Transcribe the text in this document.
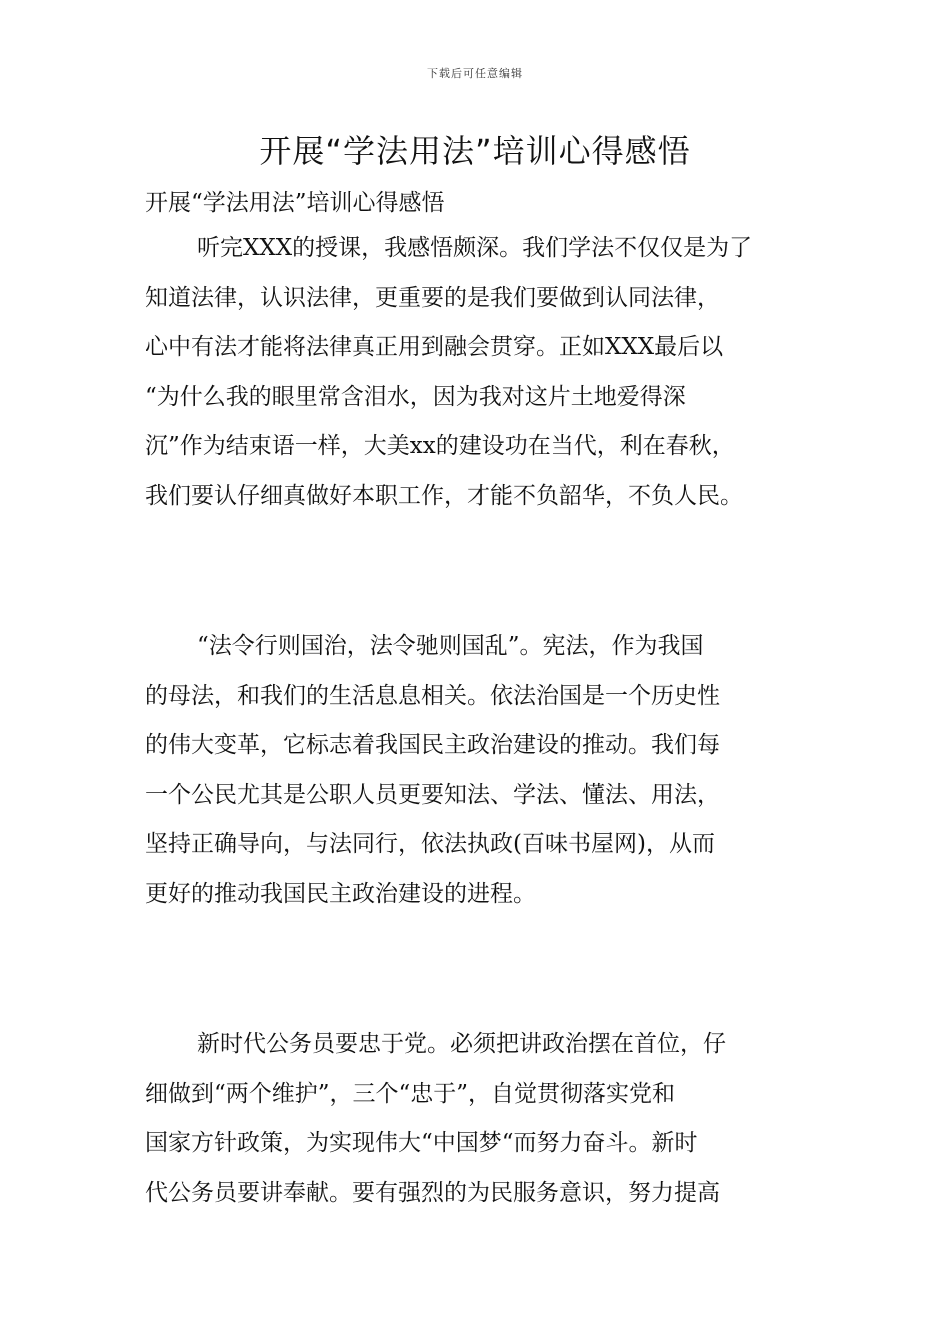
下载后可任意编辑
开展“学法用法”培训心得感悟
开展“学法用法”培训心得感悟
听完XXX的授课，我感悟颇深。我们学法不仅仅是为了
知道法律，认识法律，更重要的是我们要做到认同法律，
心中有法才能将法律真正用到融会贯穿。正如XXX最后以
“为什么我的眼里常含泪水，因为我对这片土地爱得深
沉”作为结束语一样，大美xx的建设功在当代，利在春秋，
我们要认仔细真做好本职工作，才能不负韶华，不负人民。
“法令行则国治，法令驰则国乱”。宪法，作为我国
的母法，和我们的生活息息相关。依法治国是一个历史性
的伟大变革，它标志着我国民主政治建设的推动。我们每
一个公民尤其是公职人员更要知法、学法、懂法、用法，
坚持正确导向，与法同行，依法执政(百味书屋网)，从而
更好的推动我国民主政治建设的进程。
新时代公务员要忠于党。必须把讲政治摆在首位，仔
细做到“两个维护”，三个“忠于”，自觉贯彻落实党和
国家方针政策，为实现伟大“中国梦“而努力奋斗。新时
代公务员要讲奉献。要有强烈的为民服务意识，努力提高
